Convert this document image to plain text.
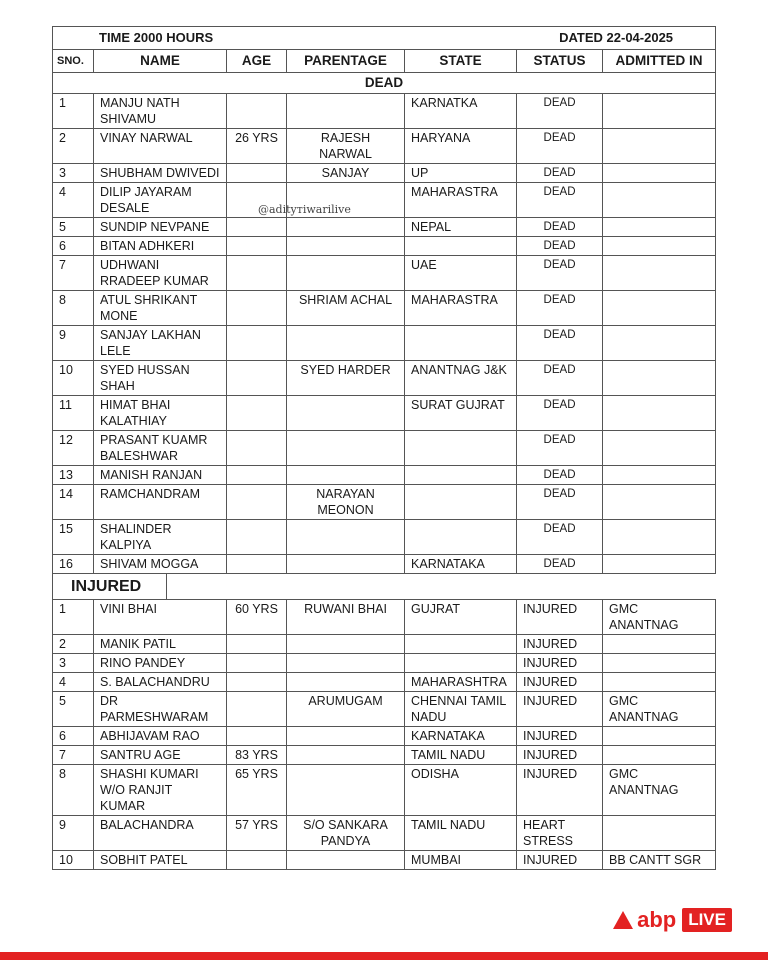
TIME 2000 HOURS				DATED 22-04-2025		
SNO.	NAME	AGE	PARENTAGE	STATE	STATUS	ADMITTED IN
DEAD						
1	MANJU NATH SHIVAMU			KARNATKA	DEAD	
2	VINAY NARWAL	26 YRS	RAJESH NARWAL	HARYANA	DEAD	
3	SHUBHAM DWIVEDI		SANJAY	UP	DEAD	
4	DILIP JAYARAM DESALE			MAHARASTRA	DEAD	
5	SUNDIP NEVPANE			NEPAL	DEAD	
6	BITAN ADHKERI				DEAD	
7	UDHWANI RRADEEP KUMAR			UAE	DEAD	
8	ATUL SHRIKANT MONE		SHRIAM ACHAL	MAHARASTRA	DEAD	
9	SANJAY LAKHAN LELE				DEAD	
10	SYED HUSSAN SHAH		SYED HARDER	ANANTNAG J&K	DEAD	
11	HIMAT BHAI KALATHIAY			SURAT GUJRAT	DEAD	
12	PRASANT KUAMR BALESHWAR				DEAD	
13	MANISH RANJAN				DEAD	
14	RAMCHANDRAM		NARAYAN MEONON		DEAD	
15	SHALINDER KALPIYA				DEAD	
16	SHIVAM MOGGA			KARNATAKA	DEAD	
INJURED
1	VINI BHAI	60 YRS	RUWANI BHAI	GUJRAT	INJURED	GMC ANANTNAG
2	MANIK PATIL				INJURED	
3	RINO PANDEY				INJURED	
4	S. BALACHANDRU			MAHARASHTRA	INJURED	
5	DR PARMESHWARAM		ARUMUGAM	CHENNAI TAMIL NADU	INJURED	GMC ANANTNAG
6	ABHIJAVAM RAO			KARNATAKA	INJURED	
7	SANTRU AGE	83 YRS		TAMIL NADU	INJURED	
8	SHASHI KUMARI W/O RANJIT KUMAR	65 YRS		ODISHA	INJURED	GMC ANANTNAG
9	BALACHANDRA	57 YRS	S/O SANKARA PANDYA	TAMIL NADU	HEART STRESS	
10	SOBHIT PATEL			MUMBAI	INJURED	BB CANTT SGR
@adityтiwarilive
abp LIVE
